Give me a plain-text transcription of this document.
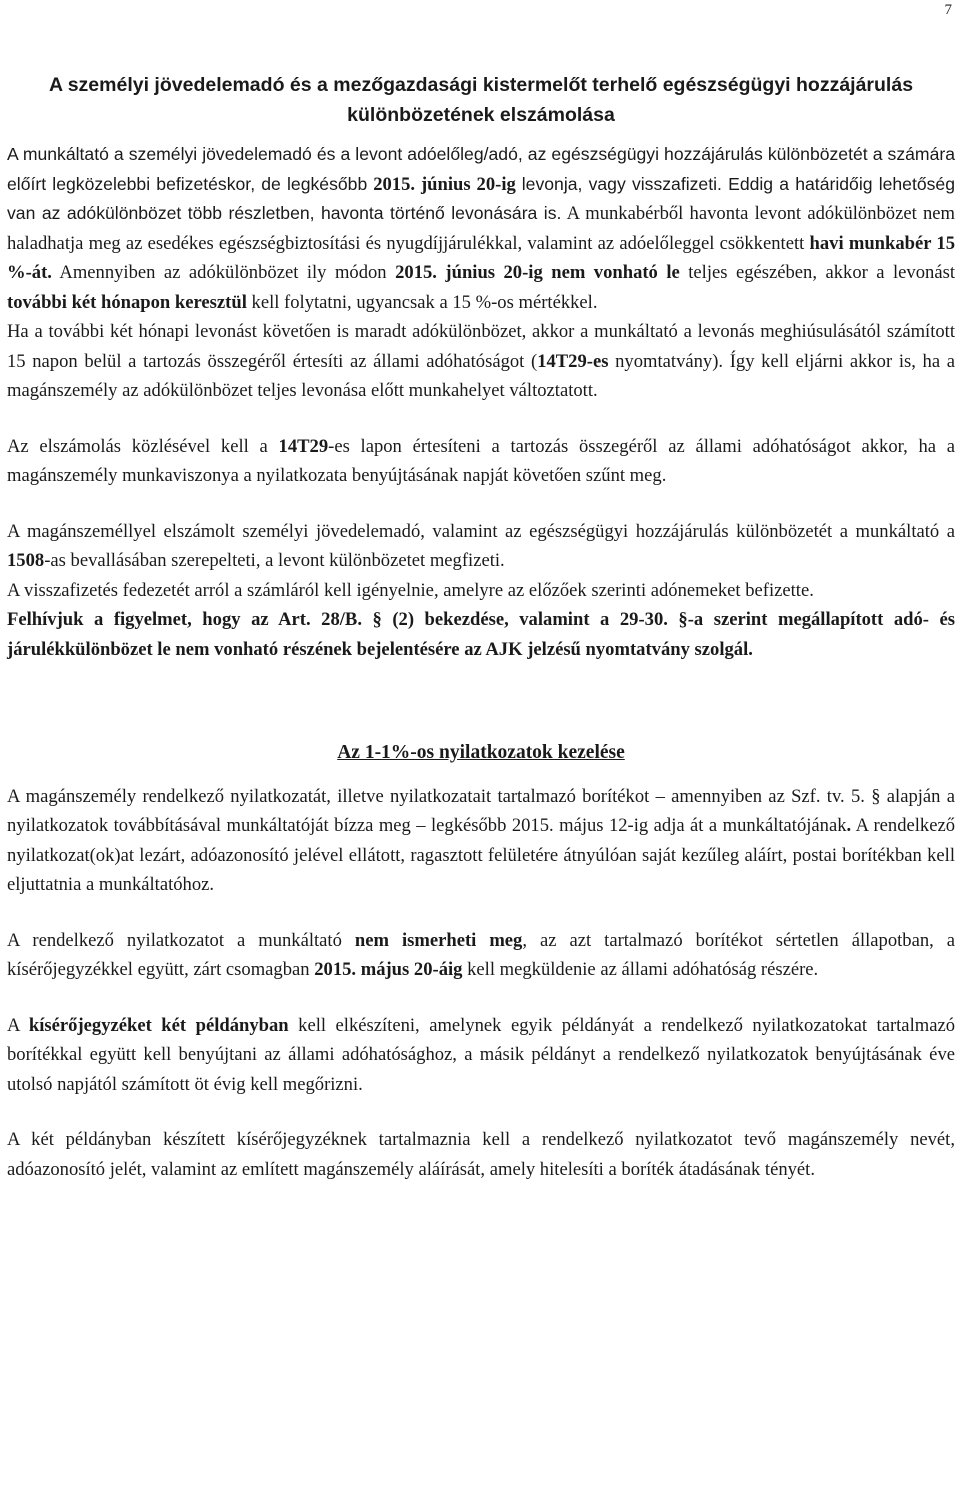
7
A személyi jövedelemadó és a mezőgazdasági kistermelőt terhelő egészségügyi hozzájárulás különbözetének elszámolása

A munkáltató a személyi jövedelemadó és a levont adóelőleg/adó, az egészségügyi hozzájárulás különbözetét a számára előírt legközelebbi befizetéskor, de legkésőbb 2015. június 20-ig levonja, vagy visszafizeti. Eddig a határidőig lehetőség van az adókülönbözet több részletben, havonta történő levonására is. A munkabérből havonta levont adókülönbözet nem haladhatja meg az esedékes egészségbiztosítási és nyugdíjjárulékkal, valamint az adóelőleggel csökkentett havi munkabér 15 %-át. Amennyiben az adókülönbözet ily módon 2015. június 20-ig nem vonható le teljes egészében, akkor a levonást további két hónapon keresztül kell folytatni, ugyancsak a 15 %-os mértékkel.

Ha a további két hónapi levonást követően is maradt adókülönbözet, akkor a munkáltató a levonás meghiúsulásától számított 15 napon belül a tartozás összegéről értesíti az állami adóhatóságot (14T29-es nyomtatvány). Így kell eljárni akkor is, ha a magánszemély az adókülönbözet teljes levonása előtt munkahelyet változtatott.

Az elszámolás közlésével kell a 14T29-es lapon értesíteni a tartozás összegéről az állami adóhatóságot akkor, ha a magánszemély munkaviszonya a nyilatkozata benyújtásának napját követően szűnt meg.

A magánszeméllyel elszámolt személyi jövedelemadó, valamint az egészségügyi hozzájárulás különbözetét a munkáltató a 1508-as bevallásában szerepelteti, a levont különbözetet megfizeti.

A visszafizetés fedezetét arról a számláról kell igényelnie, amelyre az előzőek szerinti adónemeket befizette.

Felhívjuk a figyelmet, hogy az Art. 28/B. § (2) bekezdése, valamint a 29-30. §-a szerint megállapított adó- és járulékkülönbözet le nem vonható részének bejelentésére az AJK jelzésű nyomtatvány szolgál.

Az 1-1%-os nyilatkozatok kezelése

A magánszemély rendelkező nyilatkozatát, illetve nyilatkozatait tartalmazó borítékot – amennyiben az Szf. tv. 5. § alapján a nyilatkozatok továbbításával munkáltatóját bízza meg – legkésőbb 2015. május 12-ig adja át a munkáltatójának. A rendelkező nyilatkozat(ok)at lezárt, adóazonosító jelével ellátott, ragasztott felületére átnyúlóan saját kezűleg aláírt, postai borítékban kell eljuttatnia a munkáltatóhoz.

A rendelkező nyilatkozatot a munkáltató nem ismerheti meg, az azt tartalmazó borítékot sértetlen állapotban, a kísérőjegyzékkel együtt, zárt csomagban 2015. május 20-áig kell megküldenie az állami adóhatóság részére.

A kísérőjegyzéket két példányban kell elkészíteni, amelynek egyik példányát a rendelkező nyilatkozatokat tartalmazó borítékkal együtt kell benyújtani az állami adóhatósághoz, a másik példányt a rendelkező nyilatkozatok benyújtásának éve utolsó napjától számított öt évig kell megőrizni.

A két példányban készített kísérőjegyzéknek tartalmaznia kell a rendelkező nyilatkozatot tevő magánszemély nevét, adóazonosító jelét, valamint az említett magánszemély aláírását, amely hitelesíti a boríték átadásának tényét.
